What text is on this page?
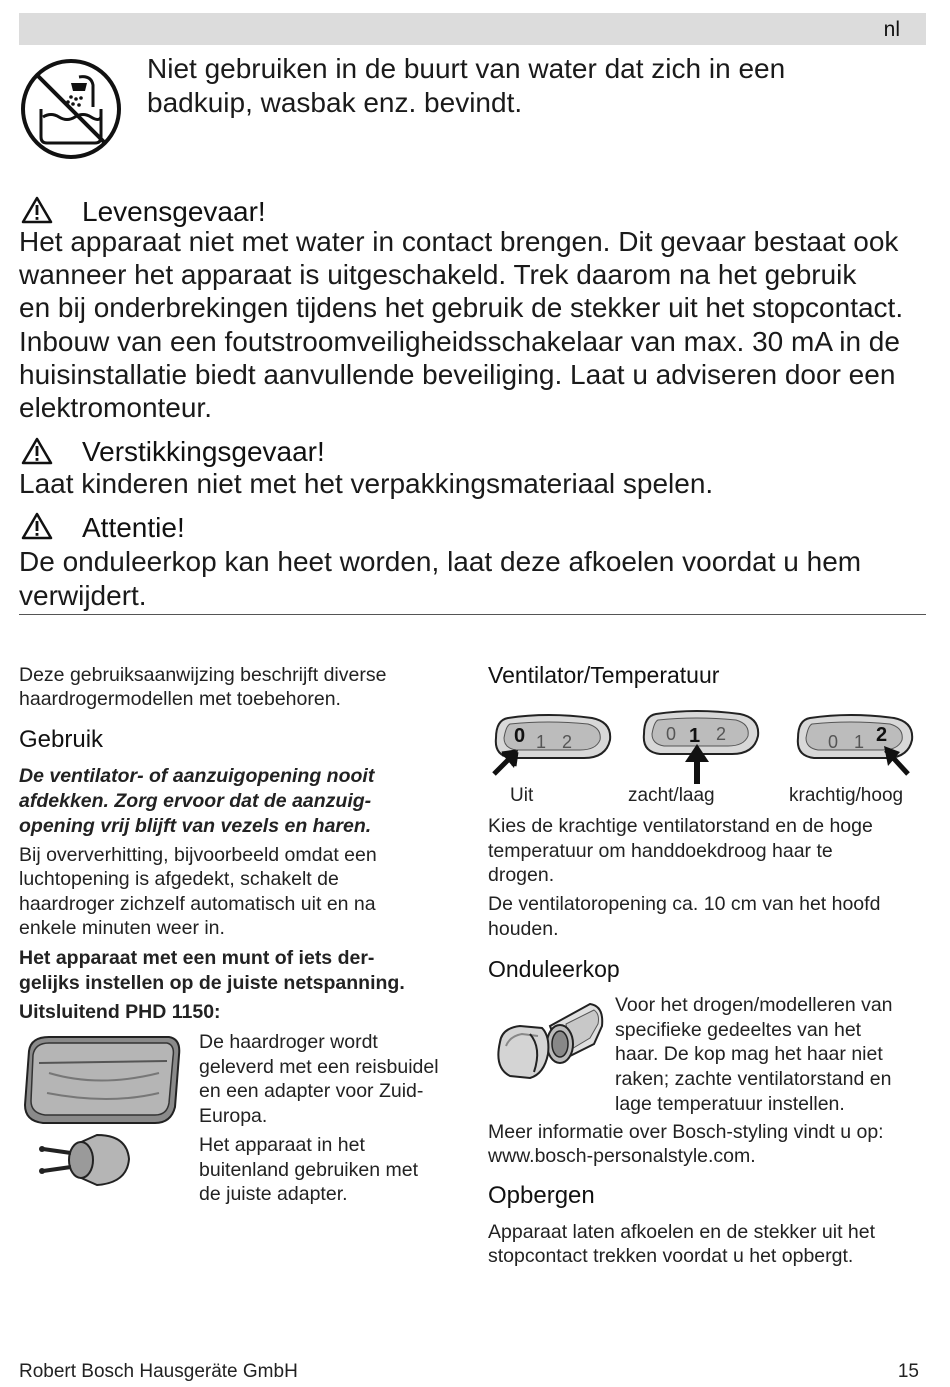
nl
Niet gebruiken in de buurt van water dat zich in een
badkuip, wasbak enz. bevindt.
Levensgevaar!
Het apparaat niet met water in contact brengen. Dit gevaar bestaat ook
wanneer het apparaat is uitgeschakeld. Trek daarom na het gebruik
en bij onderbrekingen tijdens het gebruik de stekker uit het stopcontact.
Inbouw van een foutstroomveiligheidsschakelaar van max. 30 mA in de
huisinstallatie biedt aanvullende beveiliging. Laat u adviseren door een
elektromonteur.
Verstikkingsgevaar!
Laat kinderen niet met het verpakkingsmateriaal spelen.
Attentie!
De onduleerkop kan heet worden, laat deze afkoelen voordat u hem
verwijdert.
Deze gebruiksaanwijzing beschrijft diverse
haardrogermodellen met toebehoren.
Gebruik
De ventilator- of aanzuigopening nooit
afdekken. Zorg ervoor dat de aanzuig-
opening vrij blijft van vezels en haren.
Bij oververhitting, bijvoorbeeld omdat een
luchtopening is afgedekt, schakelt de
haardroger zichzelf automatisch uit en na
enkele minuten weer in.
Het apparaat met een munt of iets der-
gelijks instellen op de juiste netspanning.
Uitsluitend PHD 1150:
De haardroger wordt
geleverd met een reisbuidel
en een adapter voor Zuid-
Europa.
Het apparaat in het
buitenland gebruiken met
de juiste adapter.
Ventilator/Temperatuur
0 1 2	0 1 2	0 1 2
Uit	zacht/laag	krachtig/hoog
Kies de krachtige ventilatorstand en de hoge
temperatuur om handdoekdroog haar te
drogen.
De ventilatoropening ca. 10 cm van het hoofd
houden.
Onduleerkop
Voor het drogen/modelleren van
specifieke gedeeltes van het
haar. De kop mag het haar niet
raken; zachte ventilatorstand en
lage temperatuur instellen.
Meer informatie over Bosch-styling vindt u op:
www.bosch-personalstyle.com.
Opbergen
Apparaat laten afkoelen en de stekker uit het
stopcontact trekken voordat u het opbergt.
Robert Bosch Hausgeräte GmbH	15
